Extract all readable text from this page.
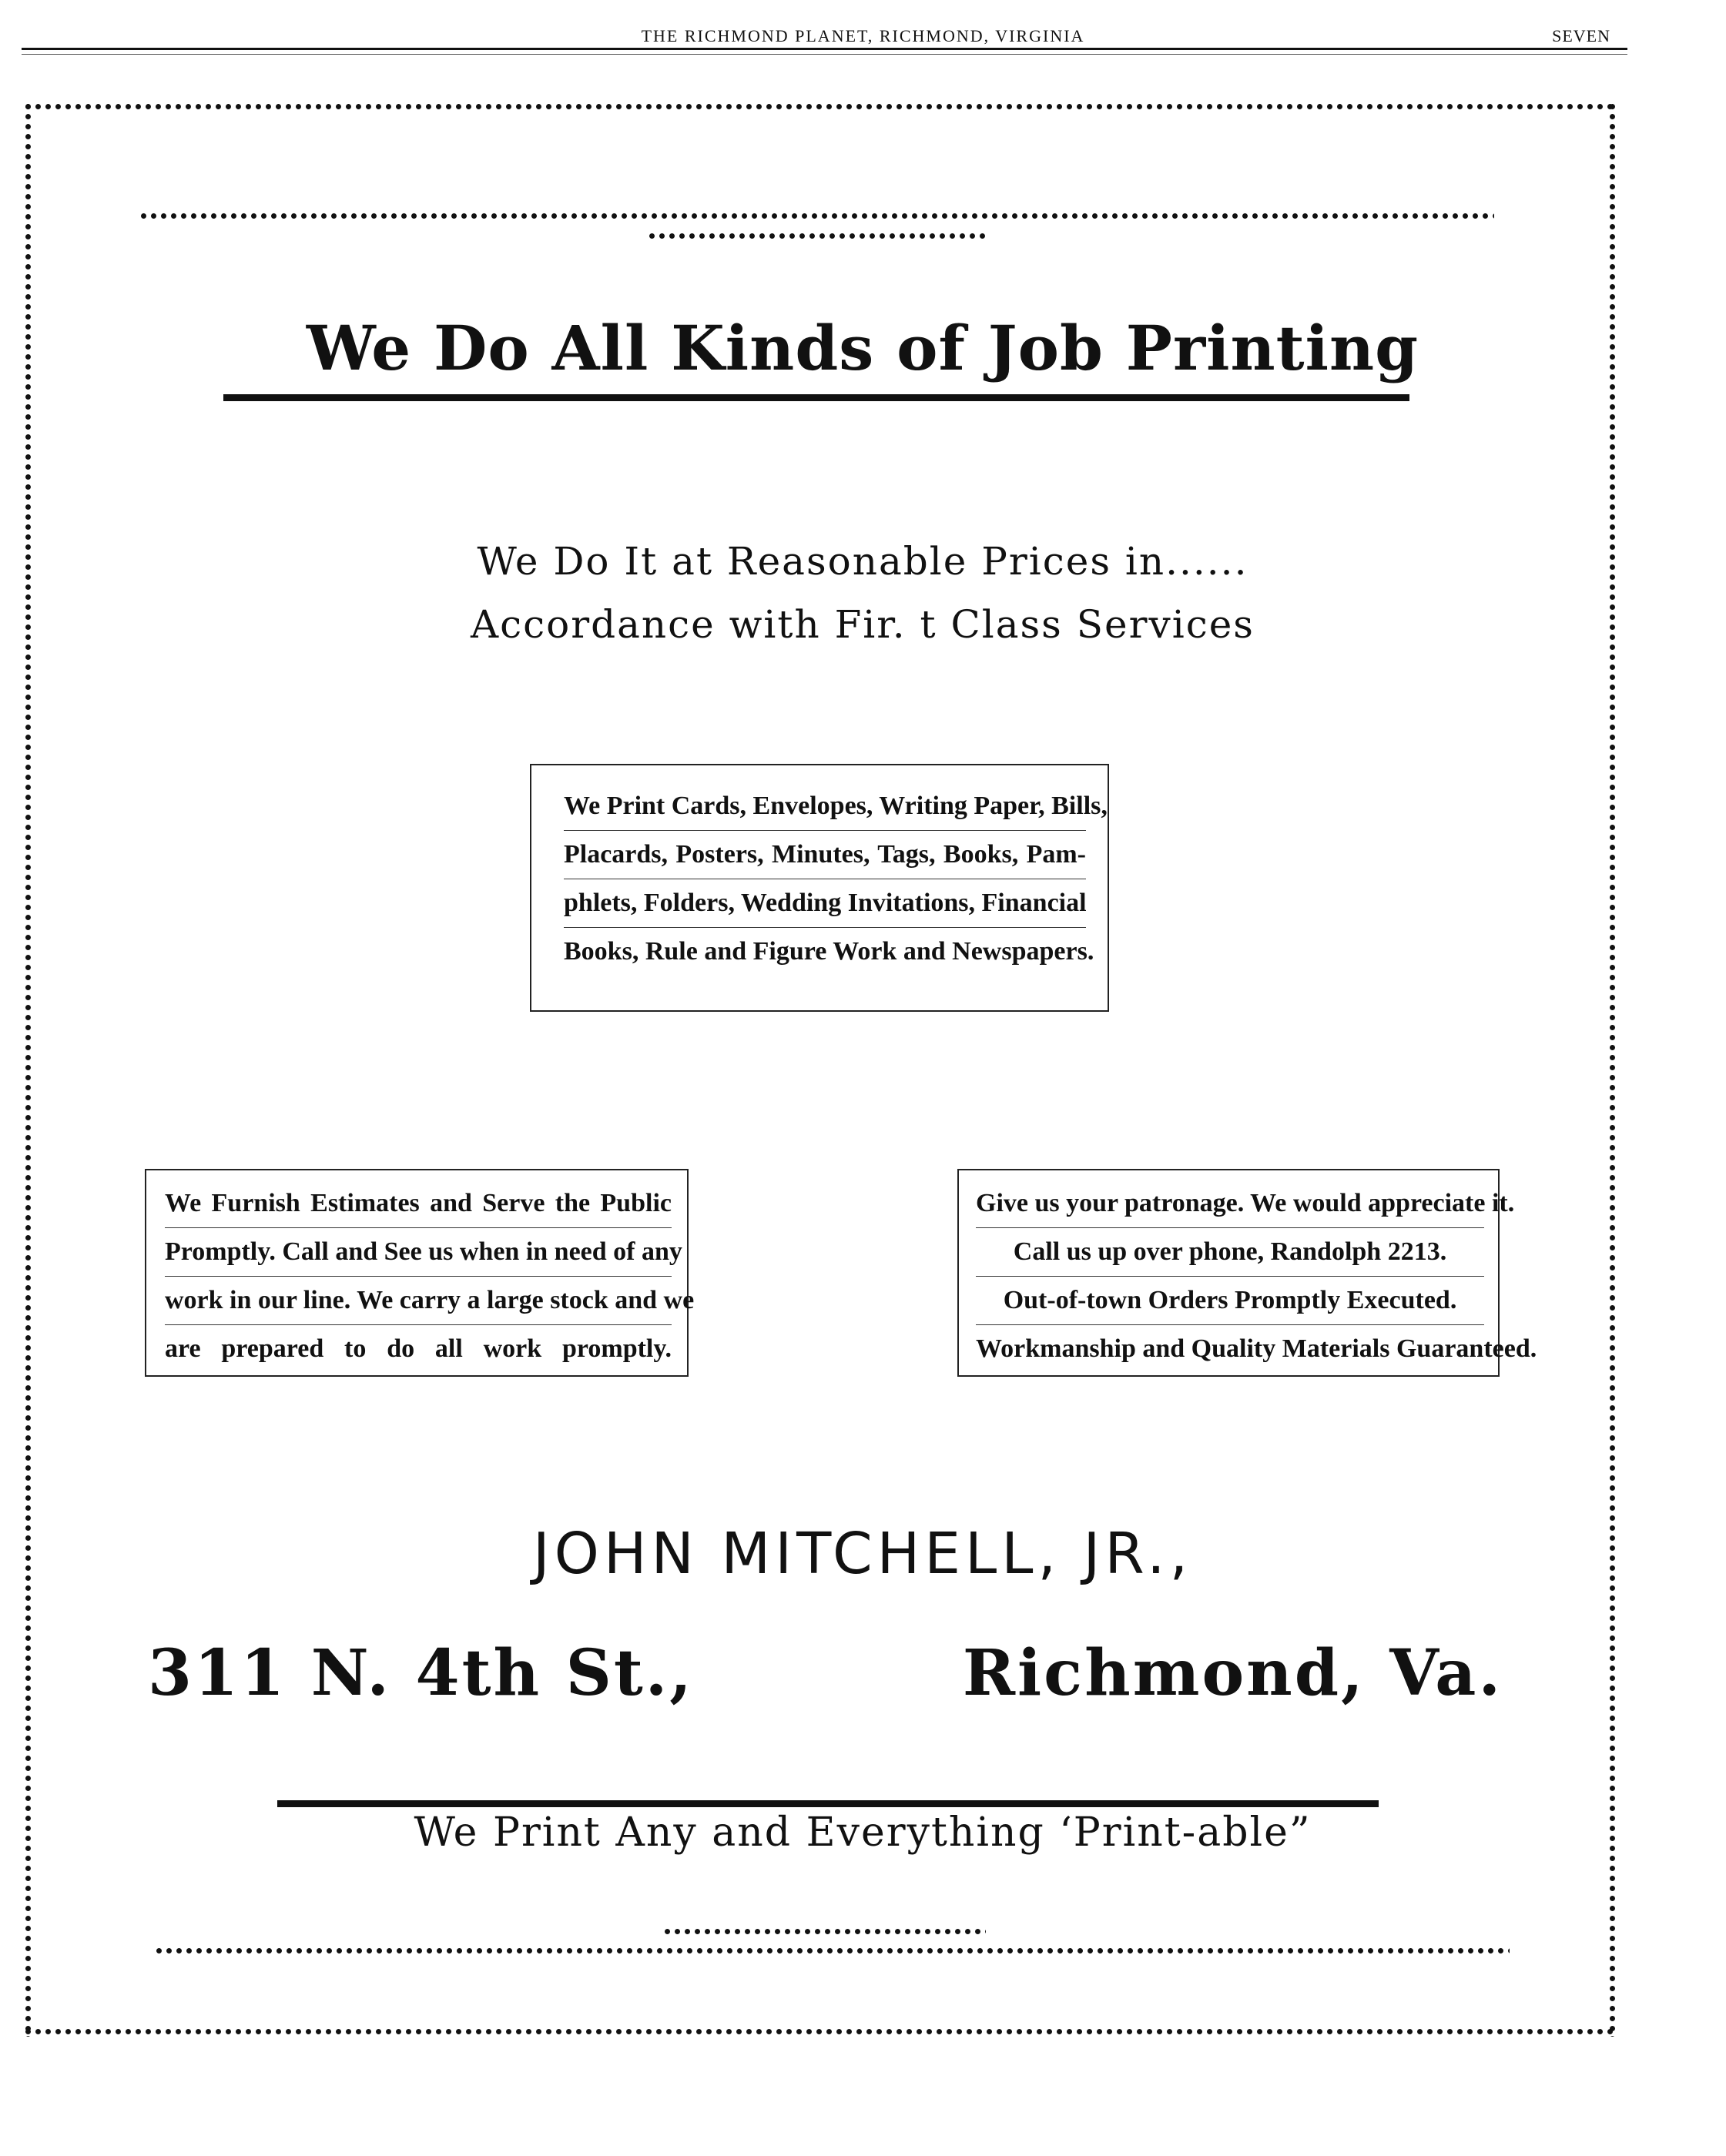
THE RICHMOND PLANET, RICHMOND, VIRGINIA	SEVEN
We Do All Kinds of Job Printing
We Do It at Reasonable Prices in......
Accordance with Fir. t Class Services
We Print Cards, Envelopes, Writing Paper, Bills,
Placards, Posters, Minutes, Tags, Books, Pam-
phlets, Folders, Wedding Invitations, Financial
Books, Rule and Figure Work and Newspapers.
We Furnish Estimates and Serve the Public
Promptly. Call and See us when in need of any
work in our line. We carry a large stock and we
are prepared to do all work promptly.
Give us your patronage. We would appreciate it.
Call us up over phone, Randolph 2213.
Out-of-town Orders Promptly Executed.
Workmanship and Quality Materials Guaranteed.
JOHN MITCHELL, JR.,
311 N. 4th St.,	Richmond, Va.
We Print Any and Everything ‘Print-able”
